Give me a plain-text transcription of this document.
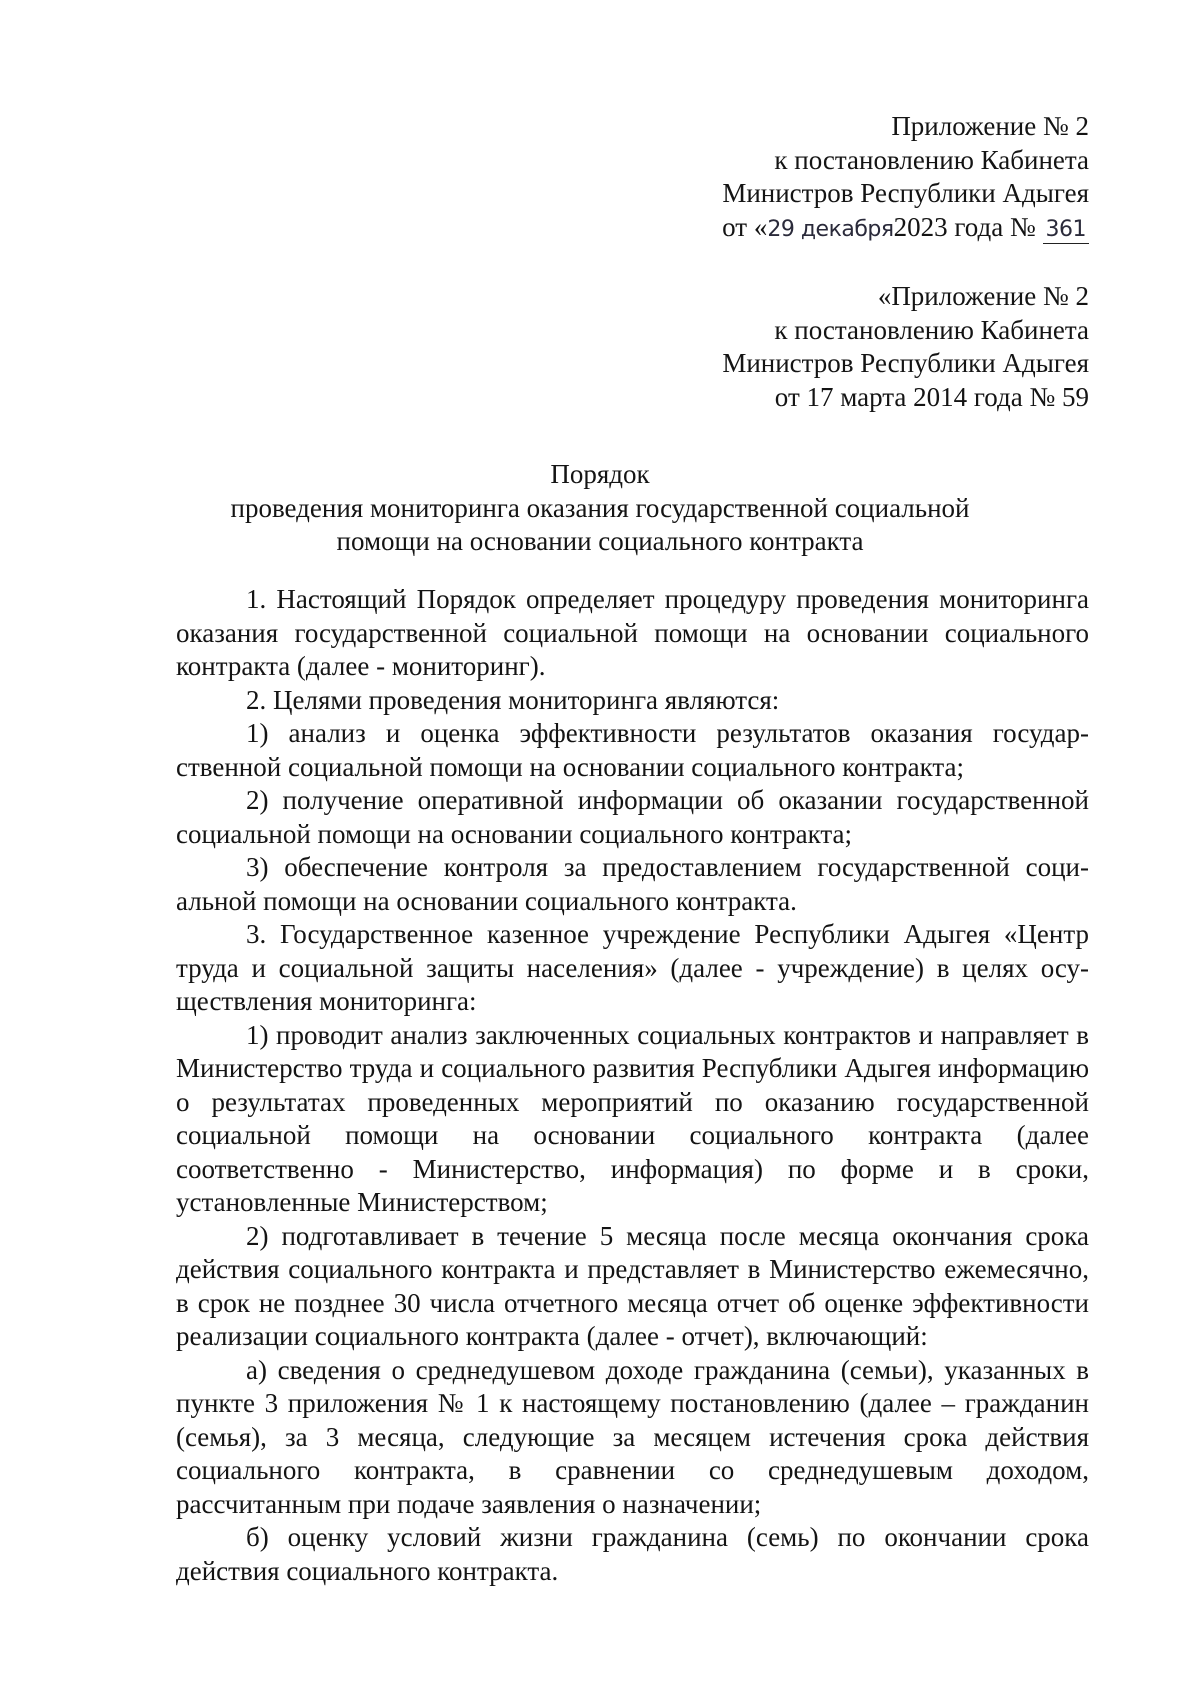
Приложение № 2
к постановлению Кабинета
Министров Республики Адыгея
от «29 декабря2023 года № 361
«Приложение № 2
к постановлению Кабинета
Министров Республики Адыгея
от 17 марта 2014 года № 59
Порядок
проведения мониторинга оказания государственной социальной
помощи на основании социального контракта

1. Настоящий Порядок определяет процедуру проведения мониторинга оказания государственной социальной помощи на основании социального контракта (далее - мониторинг).

2. Целями проведения мониторинга являются:

1) анализ и оценка эффективности результатов оказания государственной социальной помощи на основании социального контракта;

2) получение оперативной информации об оказании государственной социальной помощи на основании социального контракта;

3) обеспечение контроля за предоставлением государственной социальной помощи на основании социального контракта.

3. Государственное казенное учреждение Республики Адыгея «Центр труда и социальной защиты населения» (далее - учреждение) в целях осуществления мониторинга:

1) проводит анализ заключенных социальных контрактов и направляет в Министерство труда и социального развития Республики Адыгея информацию о результатах проведенных мероприятий по оказанию государственной социальной помощи на основании социального контракта (далее соответственно - Министерство, информация) по форме и в сроки, установленные Министерством;

2) подготавливает в течение 5 месяца после месяца окончания срока действия социального контракта и представляет в Министерство ежемесячно, в срок не позднее 30 числа отчетного месяца отчет об оценке эффективности реализации социального контракта (далее - отчет), включающий:

а) сведения о среднедушевом доходе гражданина (семьи), указанных в пункте 3 приложения № 1 к настоящему постановлению (далее – гражданин (семья), за 3 месяца, следующие за месяцем истечения срока действия социального контракта, в сравнении со среднедушевым доходом, рассчитанным при подаче заявления о назначении;

б) оценку условий жизни гражданина (семь) по окончании срока действия социального контракта.
